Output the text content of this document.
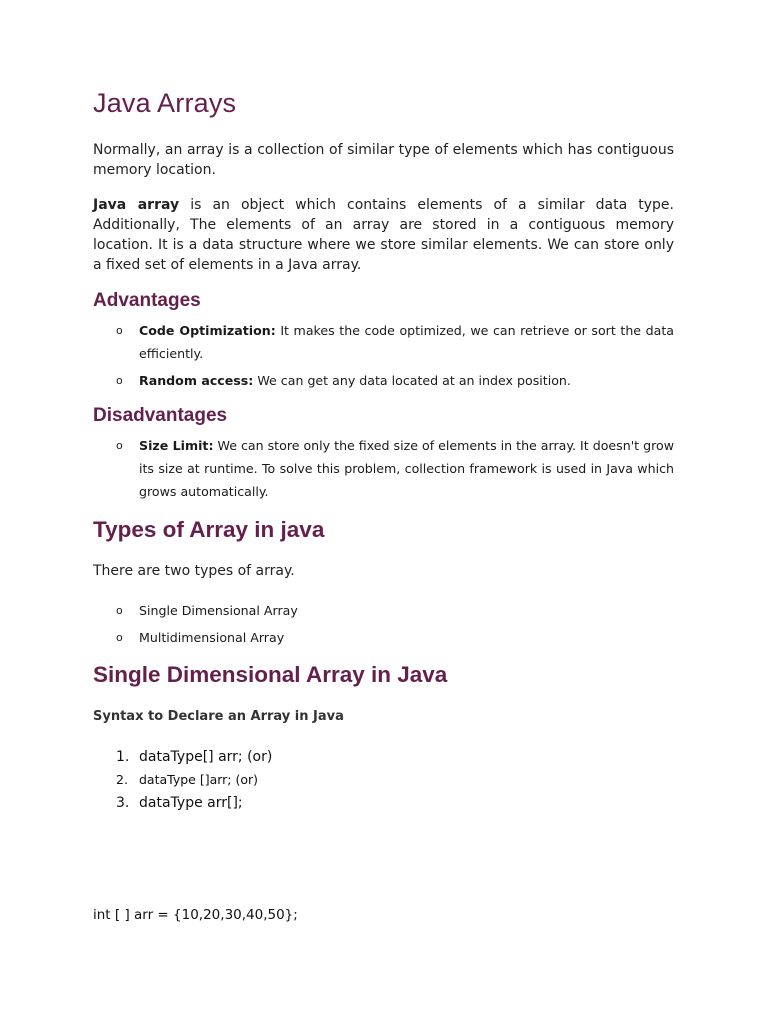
Java Arrays

Normally, an array is a collection of similar type of elements which has contiguous memory location.

Java array is an object which contains elements of a similar data type. Additionally, The elements of an array are stored in a contiguous memory location. It is a data structure where we store similar elements. We can store only a fixed set of elements in a Java array.

Advantages
o Code Optimization: It makes the code optimized, we can retrieve or sort the data efficiently.
o Random access: We can get any data located at an index position.
Disadvantages
o Size Limit: We can store only the fixed size of elements in the array. It doesn't grow its size at runtime. To solve this problem, collection framework is used in Java which grows automatically.
Types of Array in java

There are two types of array.

o Single Dimensional Array
o Multidimensional Array
Single Dimensional Array in Java
Syntax to Declare an Array in Java
1. dataType[] arr; (or)
2. dataType []arr; (or)
3. dataType arr[];

int [ ] arr = {10,20,30,40,50};
